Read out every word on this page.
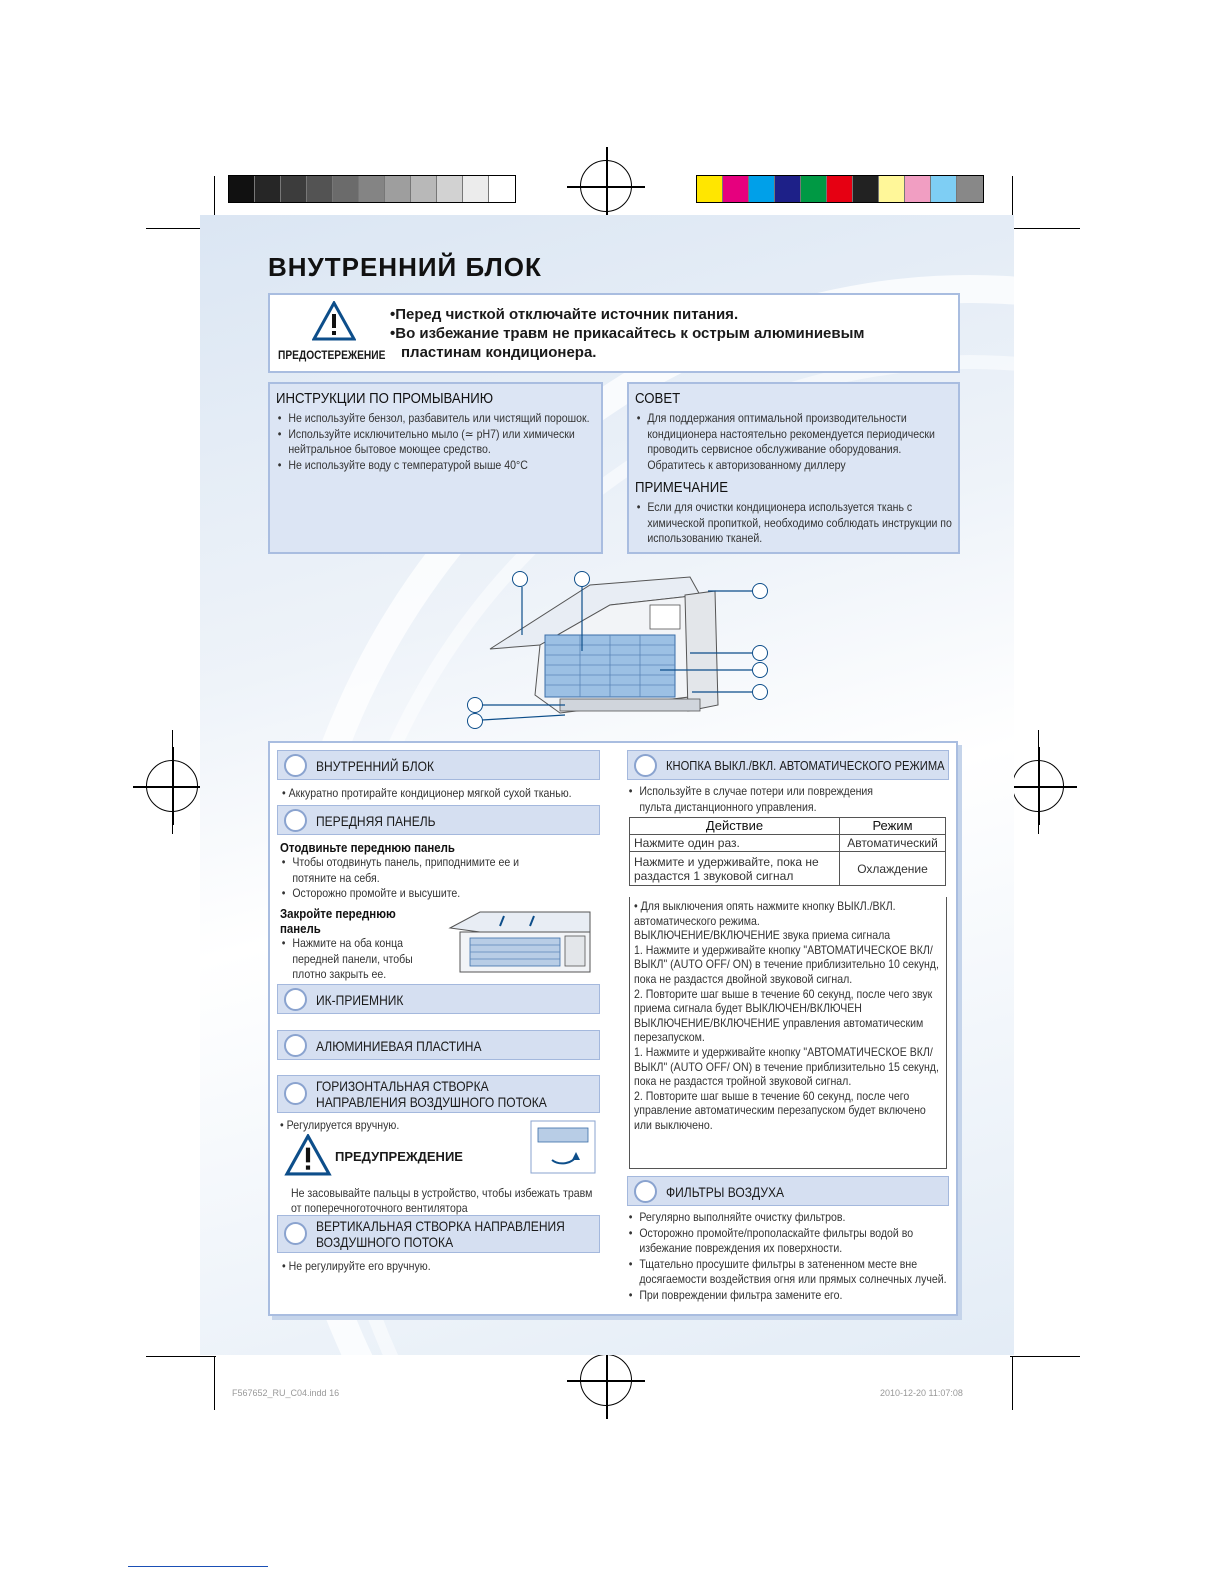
ВНУТРЕННИЙ БЛОК
ПРЕДОСТЕРЕЖЕНИЕ
•Перед чисткой отключайте источник питания.
•Во избежание травм не прикасайтесь к острым алюминиевым
пластинам кондиционера.
ИНСТРУКЦИИ ПО ПРОМЫВАНИЮ
• Не используйте бензол, разбавитель или чистящий порошок.
• Используйте исключительно мыло (≃ pH7) или химически нейтральное бытовое моющее средство.
• Не используйте воду с температурой выше 40°C
СОВЕТ
• Для поддержания оптимальной производительности кондиционера настоятельно рекомендуется периодически проводить сервисное обслуживание оборудования. Обратитесь к авторизованному диллеру
ПРИМЕЧАНИЕ
• Если для очистки кондиционера используется ткань с химической пропиткой, необходимо соблюдать инструкции по использованию тканей.
ВНУТРЕННИЙ БЛОК
• Аккуратно протирайте кондиционер мягкой сухой тканью.
ПЕРЕДНЯЯ ПАНЕЛЬ
Отодвиньте переднюю панель
• Чтобы отодвинуть панель, приподнимите ее и потяните на себя.
• Осторожно промойте и высушите.
Закройте переднюю
панель
• Нажмите на оба конца передней панели, чтобы плотно закрыть ее.
ИК-ПРИЕМНИК
АЛЮМИНИЕВАЯ ПЛАСТИНА
ГОРИЗОНТАЛЬНАЯ СТВОРКА
НАПРАВЛЕНИЯ ВОЗДУШНОГО ПОТОКА
• Регулируется вручную.
ПРЕДУПРЕЖДЕНИЕ
Не засовывайте пальцы в устройство, чтобы избежать травм от поперечноготочного вентилятора
ВЕРТИКАЛЬНАЯ СТВОРКА НАПРАВЛЕНИЯ
ВОЗДУШНОГО ПОТОКА
• Не регулируйте его вручную.
КНОПКА ВЫКЛ./ВКЛ. АВТОМАТИЧЕСКОГО РЕЖИМА
• Используйте в случае потери или повреждения пульта дистанционного управления.
Действие	Режим
Нажмите один раз.	Автоматический
Нажмите и удерживайте, пока не раздастся 1 звуковой сигнал	Охлаждение
• Для выключения опять нажмите кнопку ВЫКЛ./ВКЛ. автоматического режима.
ВЫКЛЮЧЕНИЕ/ВКЛЮЧЕНИЕ звука приема сигнала
1. Нажмите и удерживайте кнопку "АВТОМАТИЧЕСКОЕ ВКЛ/ВЫКЛ" (AUTO OFF/ ON) в течение приблизительно 10 секунд, пока не раздастся двойной звуковой сигнал.
2. Повторите шаг выше в течение 60 секунд, после чего звук приема сигнала будет ВЫКЛЮЧЕН/ВКЛЮЧЕН
ВЫКЛЮЧЕНИЕ/ВКЛЮЧЕНИЕ управления автоматическим перезапуском.
1. Нажмите и удерживайте кнопку "АВТОМАТИЧЕСКОЕ ВКЛ/ВЫКЛ" (AUTO OFF/ ON) в течение приблизительно 15 секунд, пока не раздастся тройной звуковой сигнал.
2. Повторите шаг выше в течение 60 секунд, после чего управление автоматическим перезапуском будет включено или выключено.
ФИЛЬТРЫ ВОЗДУХА
• Регулярно выполняйте очистку фильтров.
• Осторожно промойте/прополаскайте фильтры водой во избежание повреждения их поверхности.
• Тщательно просушите фильтры в затененном месте вне досягаемости воздействия огня или прямых солнечных лучей.
• При повреждении фильтра замените его.
F567652_RU_C04.indd 16	2010-12-20 11:07:08
